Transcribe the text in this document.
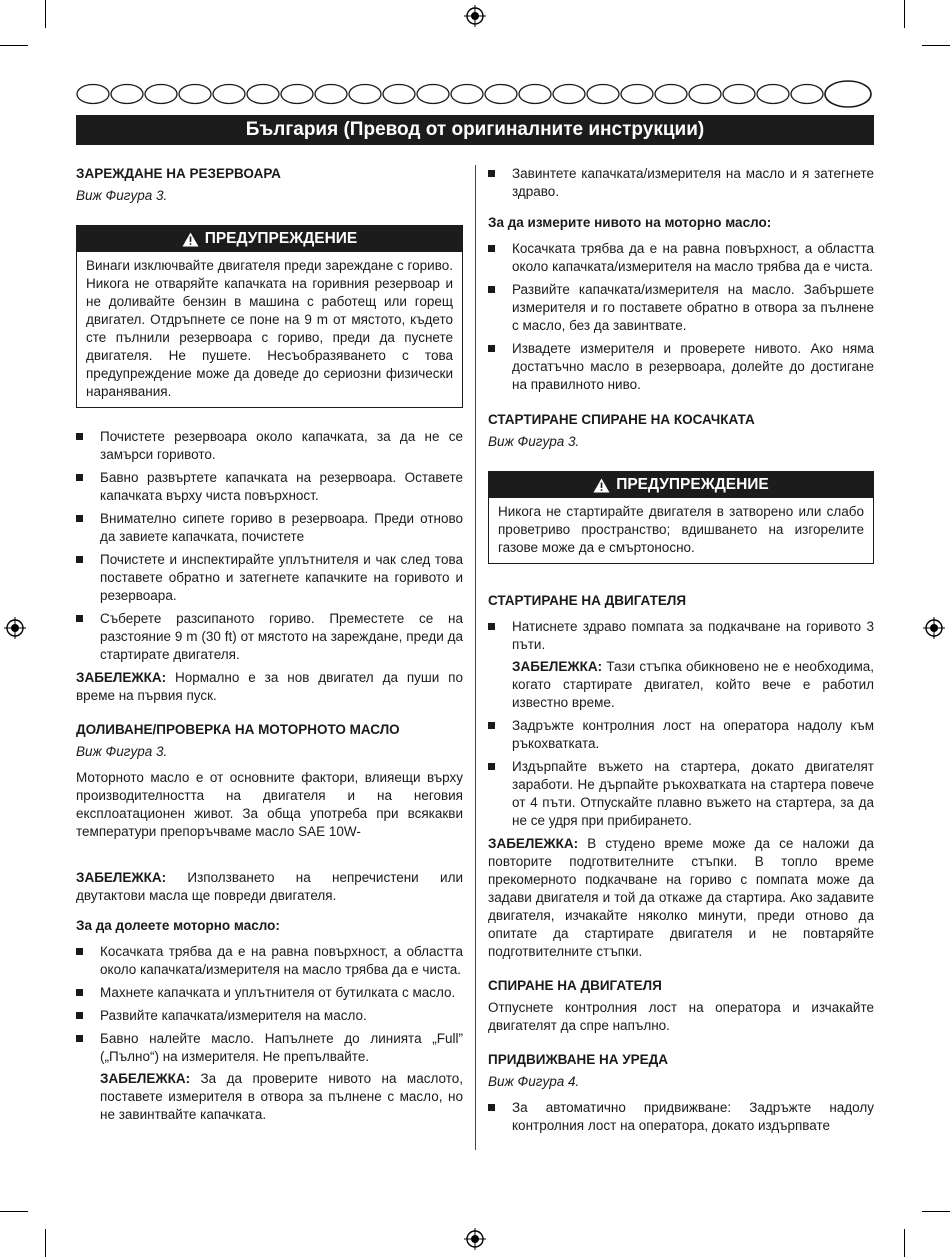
България (Превод от оригиналните инструкции)
ЗАРЕЖДАНЕ НА РЕЗЕРВОАРА
Виж Фигура 3.
ПРЕДУПРЕЖДЕНИЕ
Винаги изключвайте двигателя преди зареждане с гориво. Никога не отваряйте капачката на горивния резервоар и не доливайте бензин в машина с работещ или горещ двигател. Отдръпнете се поне на 9 m от мястото, където сте пълнили резервоара с гориво, преди да пуснете двигателя. Не пушете. Несъобразяването с това предупреждение може да доведе до сериозни физически наранявания.
Почистете резервоара около капачката, за да не се замърси горивото.
Бавно развъртете капачката на резервоара. Оставете капачката върху чиста повърхност.
Внимателно сипете гориво в резервоара. Преди отново да завиете капачката, почистете
Почистете и инспектирайте уплътнителя и чак след това поставете обратно и затегнете капачките на горивото и резервоара.
Съберете разсипаното гориво. Преместете се на разстояние 9 m (30 ft) от мястото на зареждане, преди да стартирате двигателя.

ЗАБЕЛЕЖКА: Нормално е за нов двигател да пуши по време на първия пуск.

ДОЛИВАНЕ/ПРОВЕРКА НА МОТОРНОТО МАСЛО
Виж Фигура 3.

Моторното масло е от основните фактори, влияещи върху производителността на двигателя и на неговия експлоатационен живот. За обща употреба при всякакви температури препоръчваме масло SAE 10W-

ЗАБЕЛЕЖКА: Използването на непречистени или двутактови масла ще повреди двигателя.

За да долеете моторно масло:
Косачката трябва да е на равна повърхност, а областта около капачката/измерителя на масло трябва да е чиста.
Махнете капачката и уплътнителя от бутилката с масло.
Развийте капачката/измерителя на масло.
Бавно налейте масло. Напълнете до линията „Full” („Пълно“) на измерителя. Не препълвайте.
ЗАБЕЛЕЖКА: За да проверите нивото на маслото, поставете измерителя в отвора за пълнене с масло, но не завинтвайте капачката.
Завинтете капачката/измерителя на масло и я затегнете здраво.
За да измерите нивото на моторно масло:
Косачката трябва да е на равна повърхност, а областта около капачката/измерителя на масло трябва да е чиста.
Развийте капачката/измерителя на масло. Забършете измерителя и го поставете обратно в отвора за пълнене с масло, без да завинтвате.
Извадете измерителя и проверете нивото. Ако няма достатъчно масло в резервоара, долейте до достигане на правилното ниво.
СТАРТИРАНЕ СПИРАНЕ НА КОСАЧКАТА
Виж Фигура 3.
ПРЕДУПРЕЖДЕНИЕ
Никога не стартирайте двигателя в затворено или слабо проветриво пространство; вдишването на изгорелите газове може да е смъртоносно.
СТАРТИРАНЕ НА ДВИГАТЕЛЯ
Натиснете здраво помпата за подкачване на горивото 3 пъти.
ЗАБЕЛЕЖКА: Тази стъпка обикновено не е необходима, когато стартирате двигател, който вече е работил известно време.
Задръжте контролния лост на оператора надолу към ръкохватката.
Издърпайте въжето на стартера, докато двигателят заработи. Не дърпайте ръкохватката на стартера повече от 4 пъти. Отпускайте плавно въжето на стартера, за да не се удря при прибирането.

ЗАБЕЛЕЖКА: В студено време може да се наложи да повторите подготвителните стъпки. В топло време прекомерното подкачване на гориво с помпата може да задави двигателя и той да откаже да стартира. Ако задавите двигателя, изчакайте няколко минути, преди отново да опитате да стартирате двигателя и не повтаряйте подготвителните стъпки.

СПИРАНЕ НА ДВИГАТЕЛЯ

Отпуснете контролния лост на оператора и изчакайте двигателят да спре напълно.

ПРИДВИЖВАНЕ НА УРЕДА
Виж Фигура 4.
За автоматично придвижване: Задръжте надолу контролния лост на оператора, докато издърпвате
